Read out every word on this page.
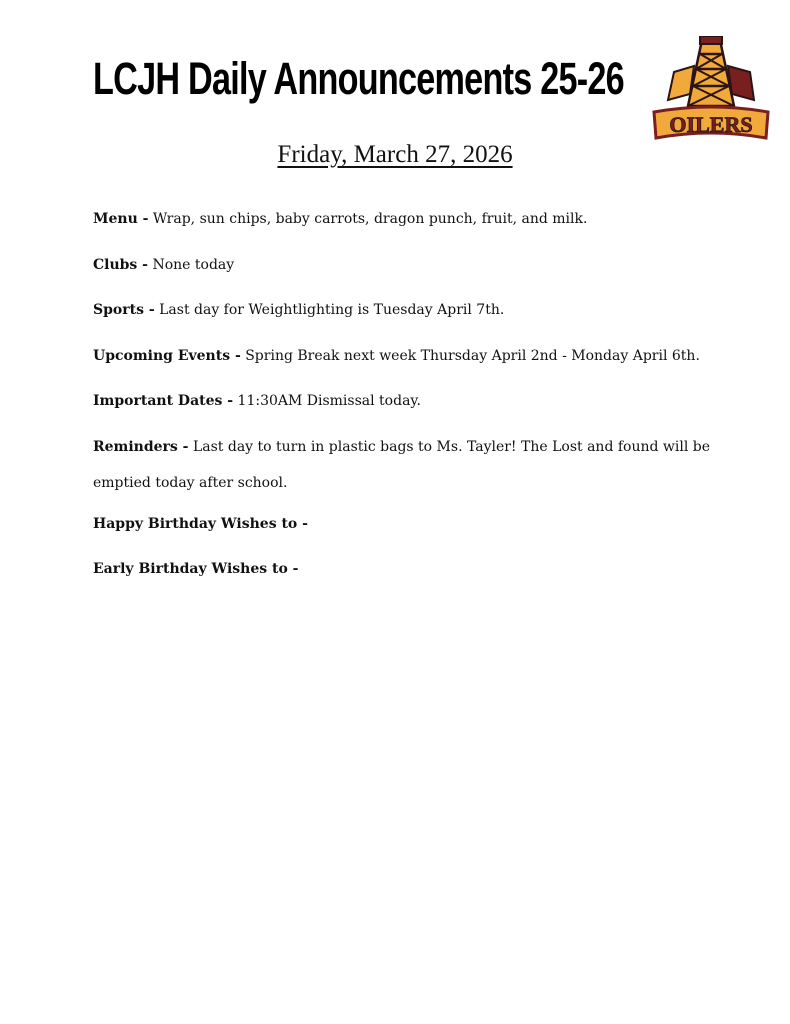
LCJH Daily Announcements 25-26
OILERS
Friday, March 27, 2026

Menu - Wrap, sun chips, baby carrots, dragon punch, fruit, and milk.

Clubs - None today

Sports - Last day for Weightlighting is Tuesday April 7th.

Upcoming Events - Spring Break next week Thursday April 2nd - Monday April 6th.

Important Dates - 11:30AM Dismissal today.

Reminders - Last day to turn in plastic bags to Ms. Tayler! The Lost and found will be emptied today after school.

Happy Birthday Wishes to -

Early Birthday Wishes to -
